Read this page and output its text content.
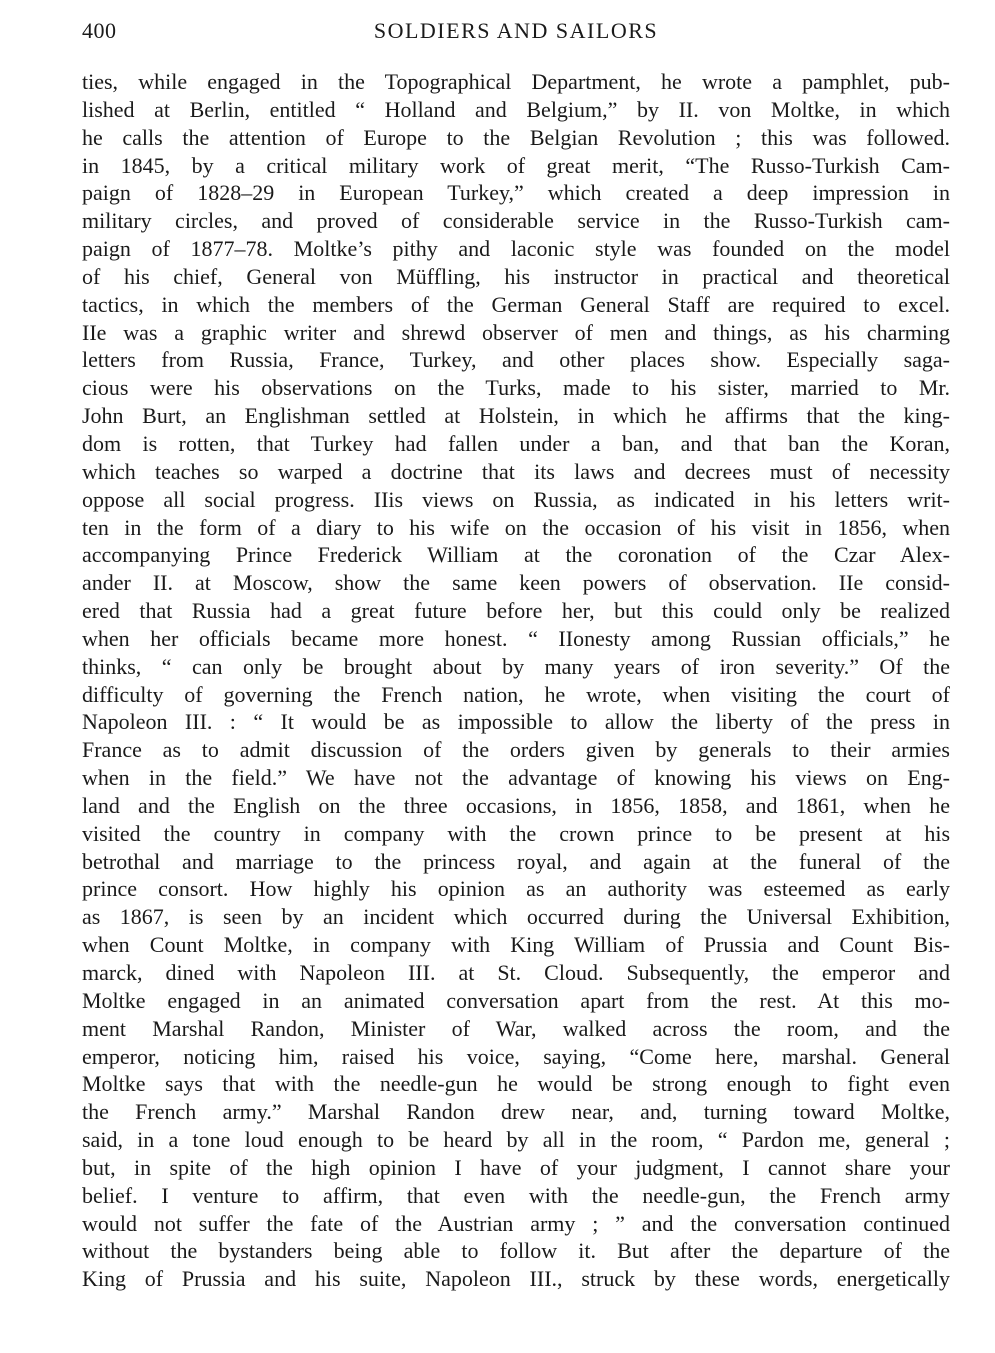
400	SOLDIERS AND SAILORS
ties, while engaged in the Topographical Department, he wrote a pamphlet, pub-
lished at Berlin, entitled “ Holland and Belgium,” by II. von Moltke, in which
he calls the attention of Europe to the Belgian Revolution ; this was followed.
in 1845, by a critical military work of great merit, “The Russo-Turkish Cam-
paign of 1828–29 in European Turkey,” which created a deep impression in
military circles, and proved of considerable service in the Russo-Turkish cam-
paign of 1877–78. Moltke’s pithy and laconic style was founded on the model
of his chief, General von Müffling, his instructor in practical and theoretical
tactics, in which the members of the German General Staff are required to excel.
IIe was a graphic writer and shrewd observer of men and things, as his charming
letters from Russia, France, Turkey, and other places show. Especially saga-
cious were his observations on the Turks, made to his sister, married to Mr.
John Burt, an Englishman settled at Holstein, in which he affirms that the king-
dom is rotten, that Turkey had fallen under a ban, and that ban the Koran,
which teaches so warped a doctrine that its laws and decrees must of necessity
oppose all social progress. IIis views on Russia, as indicated in his letters writ-
ten in the form of a diary to his wife on the occasion of his visit in 1856, when
accompanying Prince Frederick William at the coronation of the Czar Alex-
ander II. at Moscow, show the same keen powers of observation. IIe consid-
ered that Russia had a great future before her, but this could only be realized
when her officials became more honest. “ IIonesty among Russian officials,” he
thinks, “ can only be brought about by many years of iron severity.” Of the
difficulty of governing the French nation, he wrote, when visiting the court of
Napoleon III. : “ It would be as impossible to allow the liberty of the press in
France as to admit discussion of the orders given by generals to their armies
when in the field.” We have not the advantage of knowing his views on Eng-
land and the English on the three occasions, in 1856, 1858, and 1861, when he
visited the country in company with the crown prince to be present at his
betrothal and marriage to the princess royal, and again at the funeral of the
prince consort. How highly his opinion as an authority was esteemed as early
as 1867, is seen by an incident which occurred during the Universal Exhibition,
when Count Moltke, in company with King William of Prussia and Count Bis-
marck, dined with Napoleon III. at St. Cloud. Subsequently, the emperor and
Moltke engaged in an animated conversation apart from the rest. At this mo-
ment Marshal Randon, Minister of War, walked across the room, and the
emperor, noticing him, raised his voice, saying, “Come here, marshal. General
Moltke says that with the needle-gun he would be strong enough to fight even
the French army.” Marshal Randon drew near, and, turning toward Moltke,
said, in a tone loud enough to be heard by all in the room, “ Pardon me, general ;
but, in spite of the high opinion I have of your judgment, I cannot share your
belief. I venture to affirm, that even with the needle-gun, the French army
would not suffer the fate of the Austrian army ; ” and the conversation continued
without the bystanders being able to follow it. But after the departure of the
King of Prussia and his suite, Napoleon III., struck by these words, energetically
